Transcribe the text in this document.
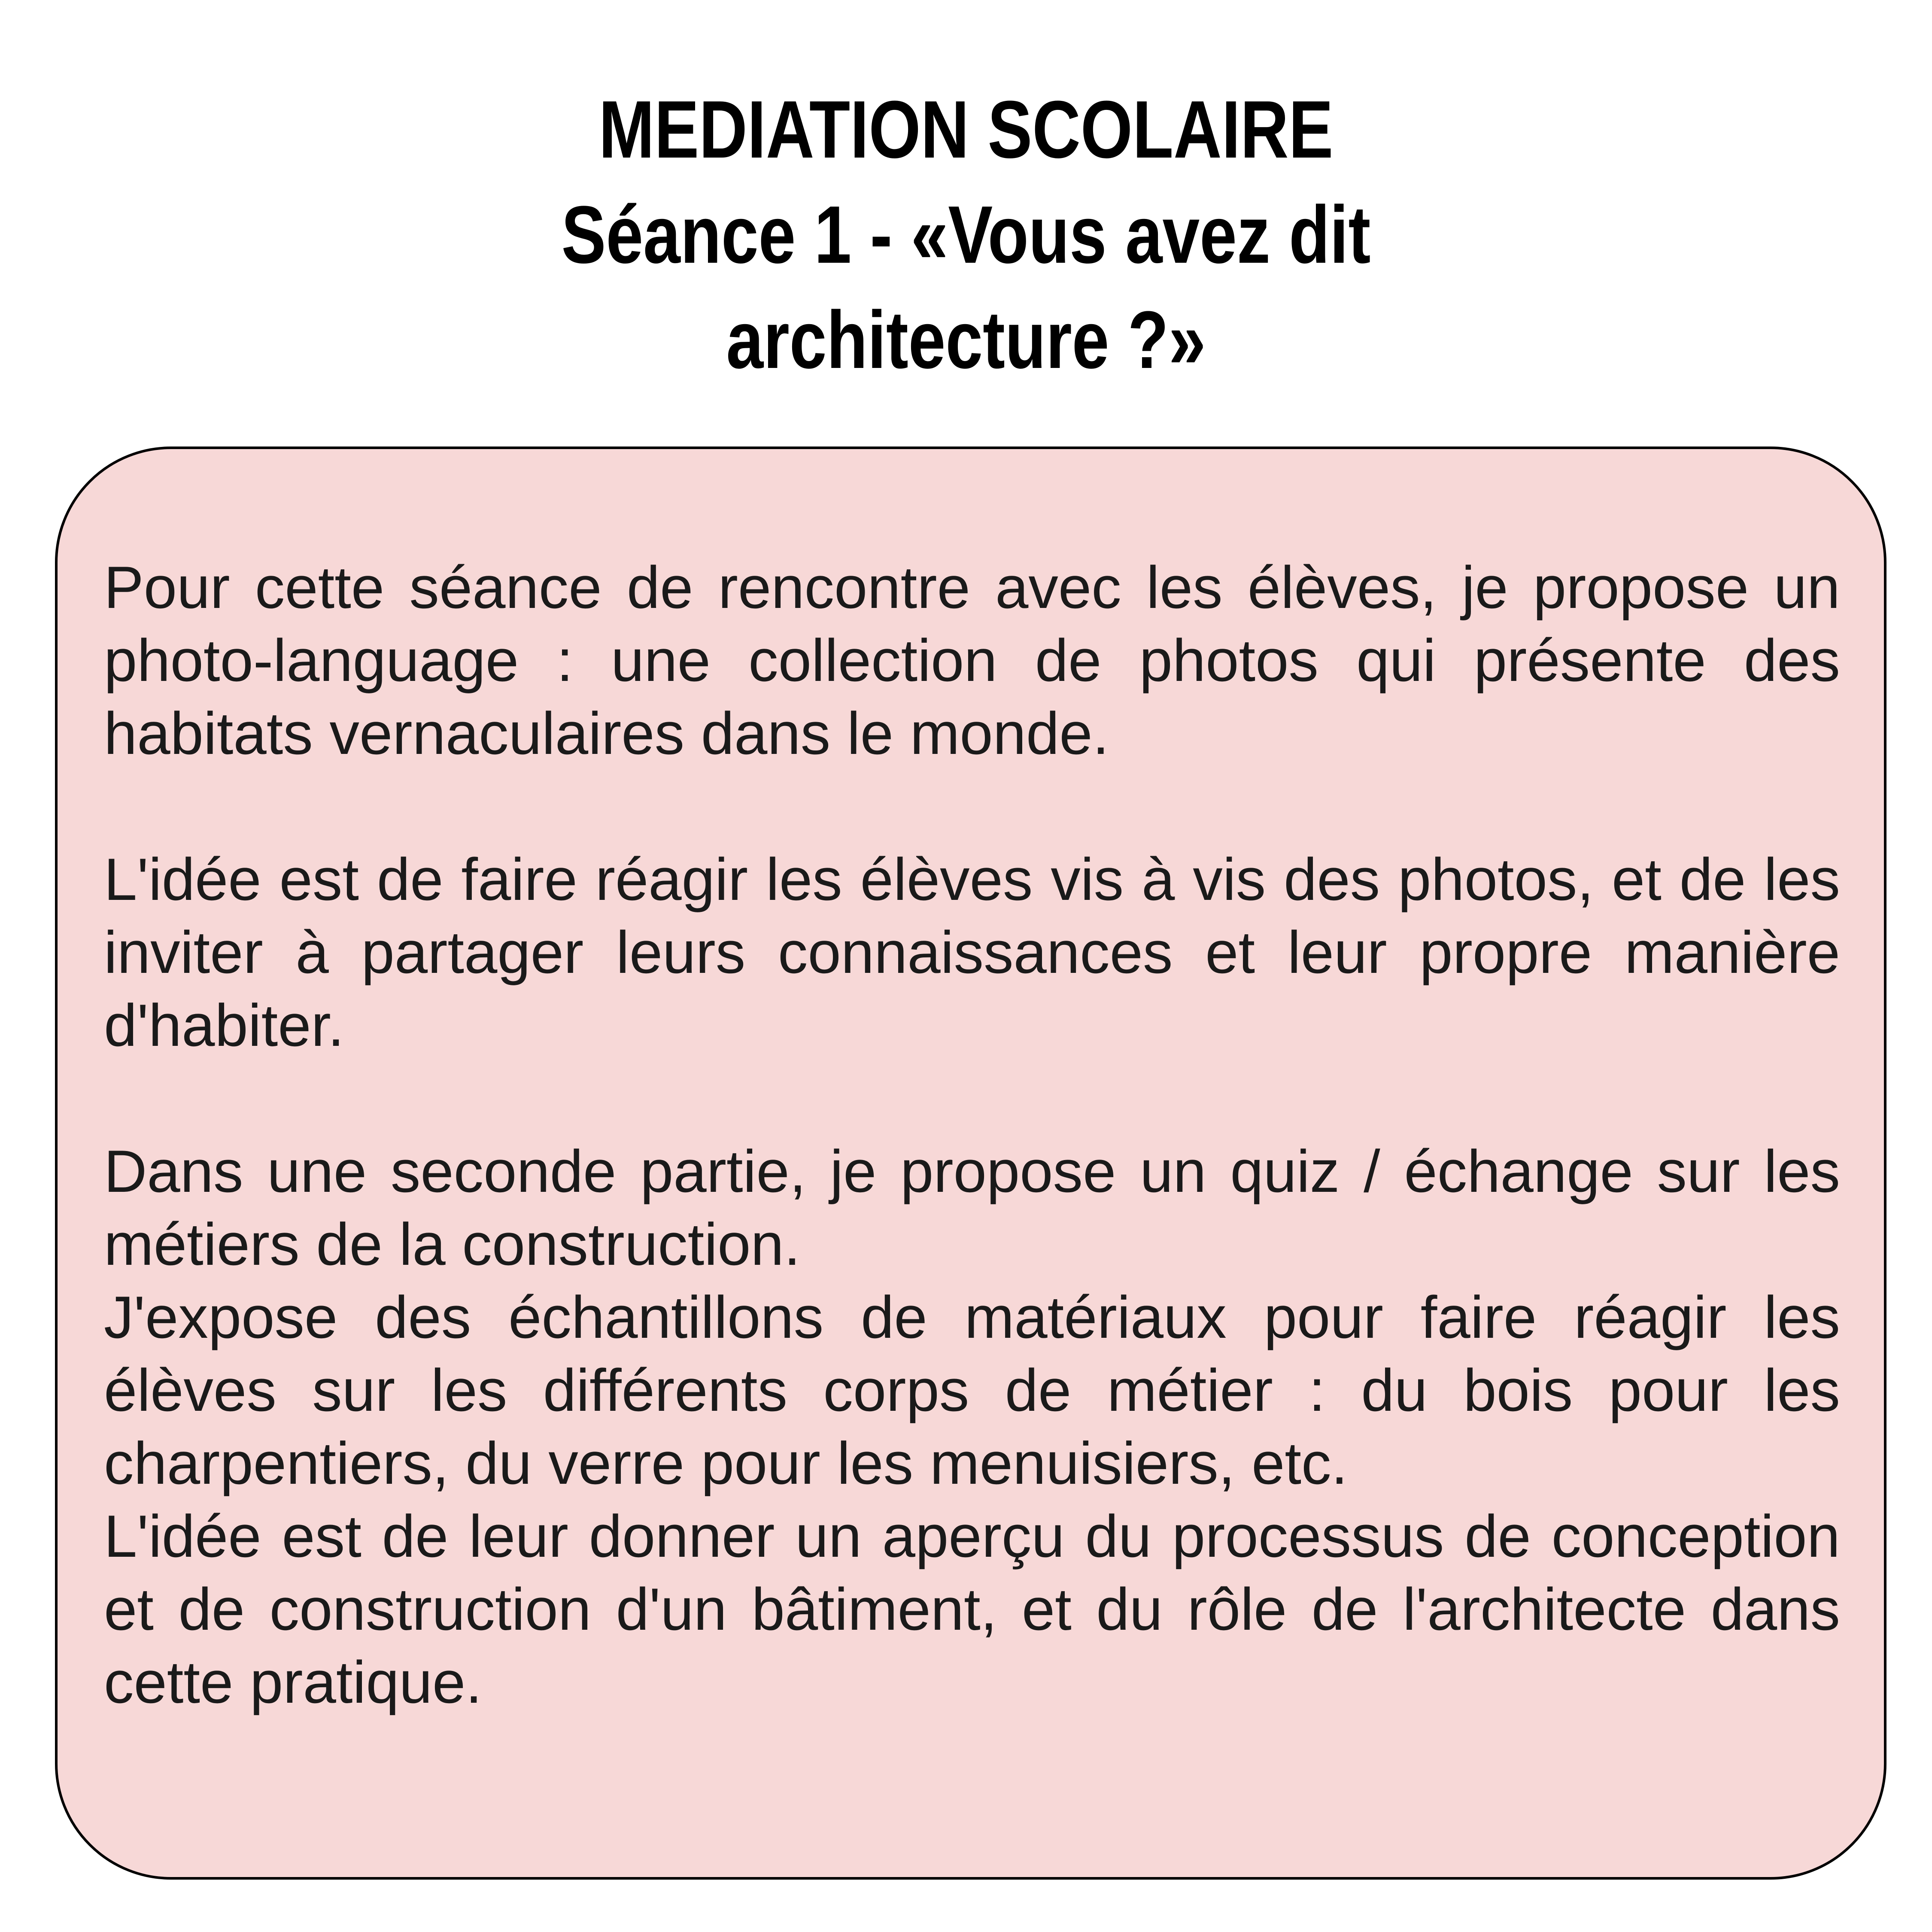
MEDIATION SCOLAIRE
Séance 1 - «Vous avez dit
architecture ?»

Pour cette séance de rencontre avec les élèves, je propose un photo-language : une collection de photos qui présente des habitats vernaculaires dans le monde.

L'idée est de faire réagir les élèves vis à vis des photos, et de les inviter à partager leurs connaissances et leur propre manière d'habiter.

Dans une seconde partie, je propose un quiz / échange sur les métiers de la construction.

J'expose des échantillons de matériaux pour faire réagir les élèves sur les différents corps de métier : du bois pour les charpentiers, du verre pour les menuisiers, etc.

L'idée est de leur donner un aperçu du processus de conception et de construction d'un bâtiment, et du rôle de l'architecte dans cette pratique.
